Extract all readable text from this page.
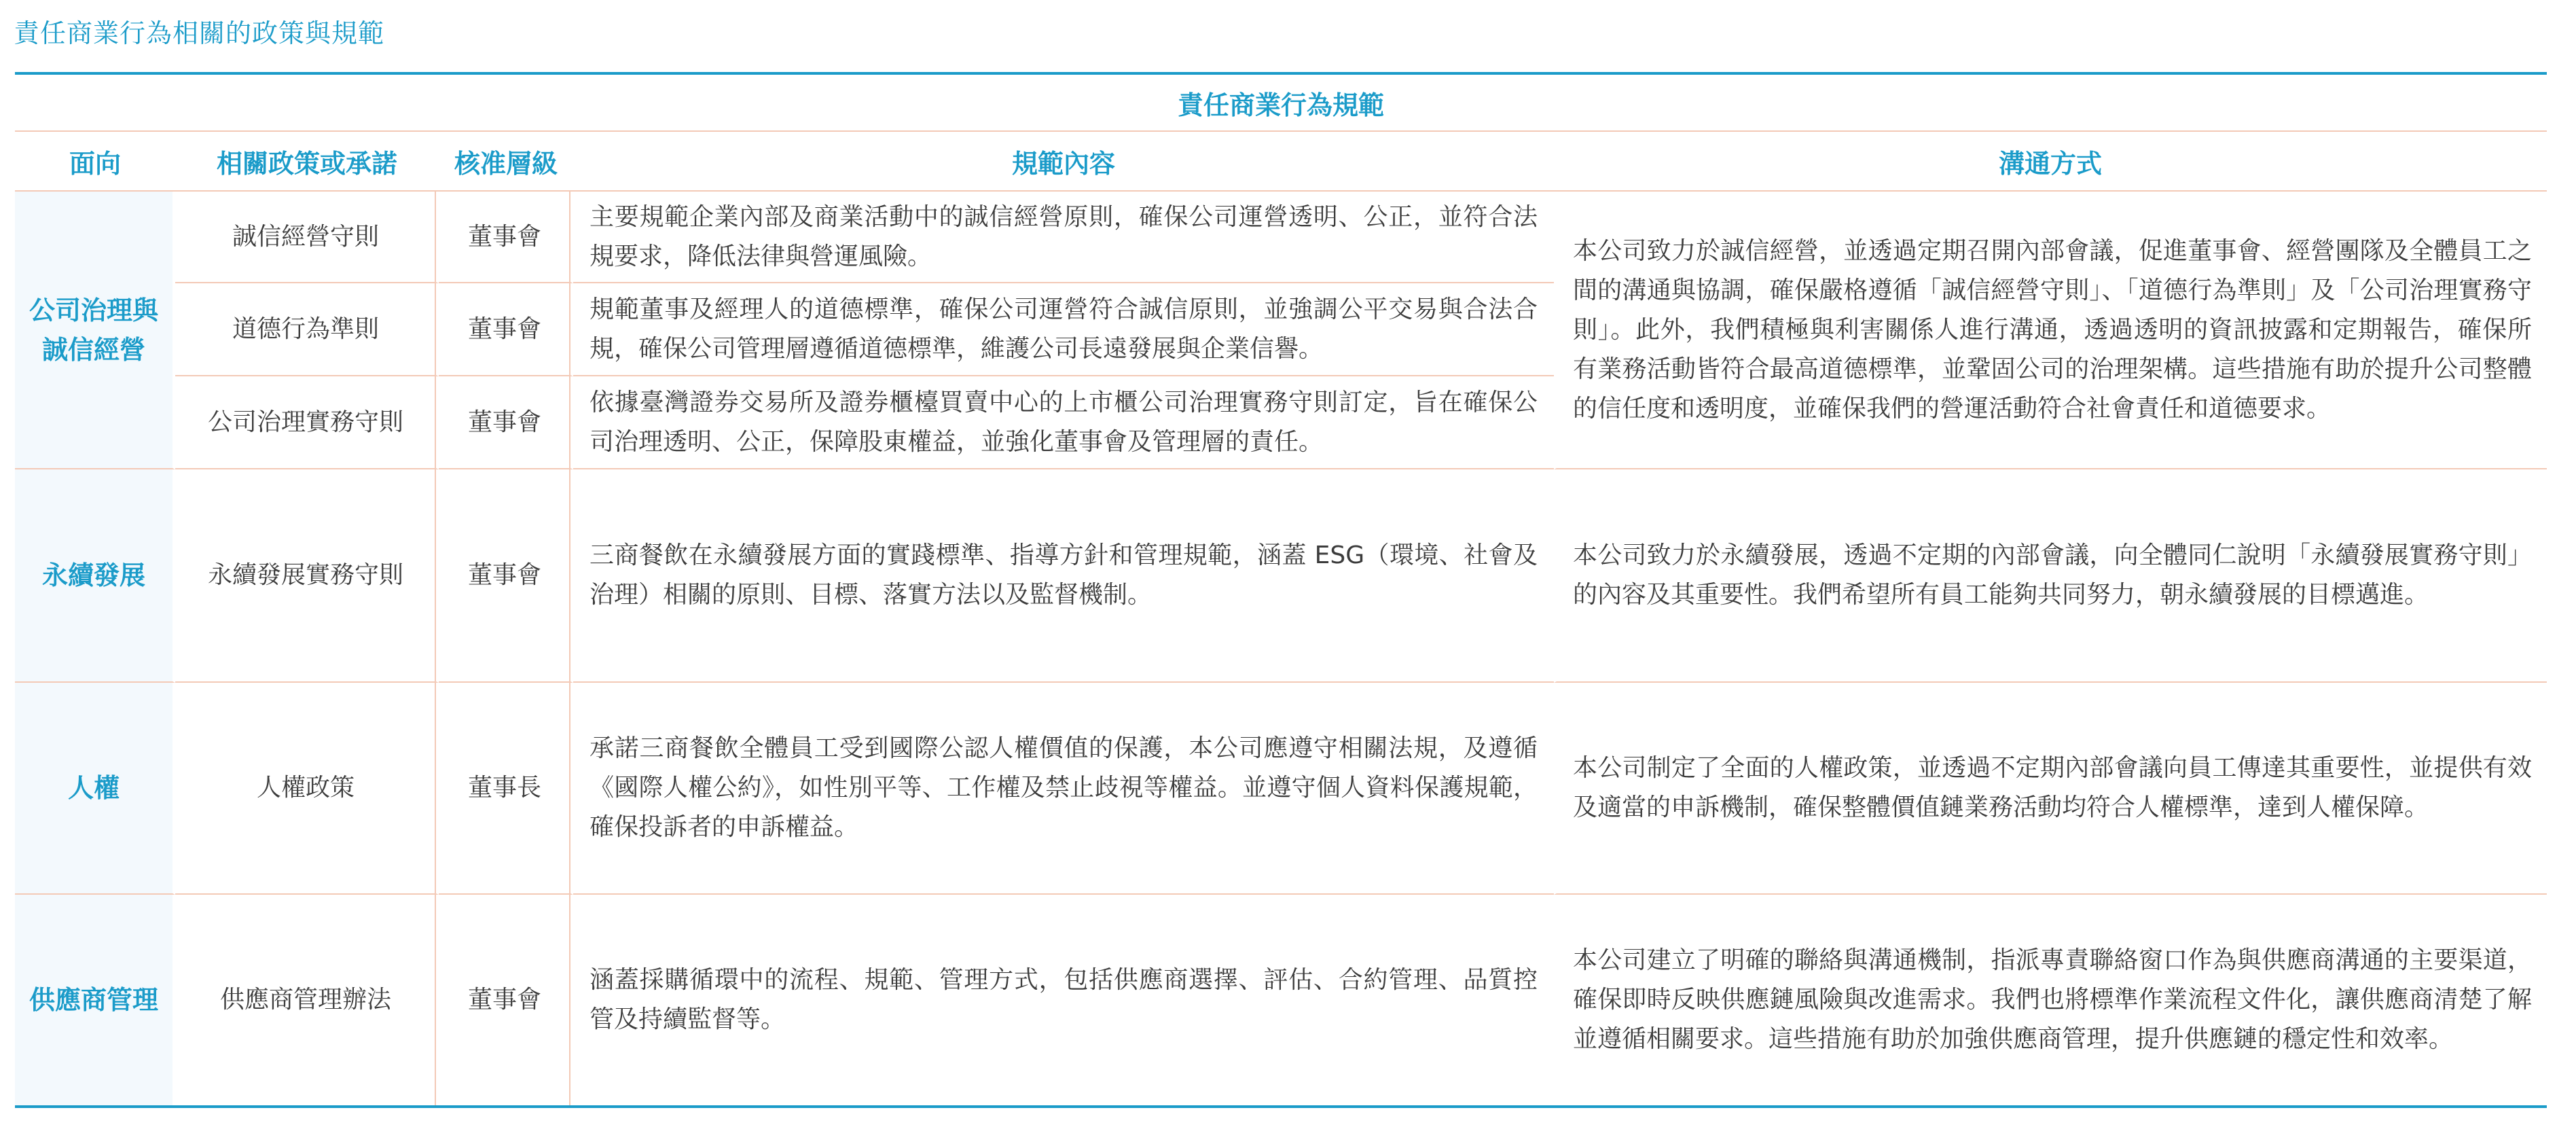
責任商業行為相關的政策與規範
責任商業行為規範				
面向	相關政策或承諾	核准層級	規範內容	溝通方式

公司治理與誠信經營	誠信經營守則	董事會	主要規範企業內部及商業活動中的誠信經營原則，確保公司運營透明、公正，並符合法規要求，降低法律與營運風險。	本公司致力於誠信經營，並透過定期召開內部會議，促進董事會、經營團隊及全體員工之間的溝通與協調，確保嚴格遵循「誠信經營守則」、「道德行為準則」及「公司治理實務守則」。此外，我們積極與利害關係人進行溝通，透過透明的資訊披露和定期報告，確保所有業務活動皆符合最高道德標準，並鞏固公司的治理架構。這些措施有助於提升公司整體的信任度和透明度，並確保我們的營運活動符合社會責任和道德要求。
	道德行為準則	董事會	規範董事及經理人的道德標準，確保公司運營符合誠信原則，並強調公平交易與合法合規，確保公司管理層遵循道德標準，維護公司長遠發展與企業信譽。	
	公司治理實務守則	董事會	依據臺灣證券交易所及證券櫃檯買賣中心的上市櫃公司治理實務守則訂定，旨在確保公司治理透明、公正，保障股東權益，並強化董事會及管理層的責任。	
永續發展	永續發展實務守則	董事會	三商餐飲在永續發展方面的實踐標準、指導方針和管理規範，涵蓋 ESG（環境、社會及治理）相關的原則、目標、落實方法以及監督機制。	本公司致力於永續發展，透過不定期的內部會議，向全體同仁說明「永續發展實務守則」的內容及其重要性。我們希望所有員工能夠共同努力，朝永續發展的目標邁進。
人權	人權政策	董事長	承諾三商餐飲全體員工受到國際公認人權價值的保護，本公司應遵守相關法規，及遵循《國際人權公約》，如性別平等、工作權及禁止歧視等權益。並遵守個人資料保護規範，確保投訴者的申訴權益。	本公司制定了全面的人權政策，並透過不定期內部會議向員工傳達其重要性，並提供有效及適當的申訴機制，確保整體價值鏈業務活動均符合人權標準，達到人權保障。
供應商管理	供應商管理辦法	董事會	涵蓋採購循環中的流程、規範、管理方式，包括供應商選擇、評估、合約管理、品質控管及持續監督等。	本公司建立了明確的聯絡與溝通機制，指派專責聯絡窗口作為與供應商溝通的主要渠道，確保即時反映供應鏈風險與改進需求。我們也將標準作業流程文件化，讓供應商清楚了解並遵循相關要求。這些措施有助於加強供應商管理，提升供應鏈的穩定性和效率。
